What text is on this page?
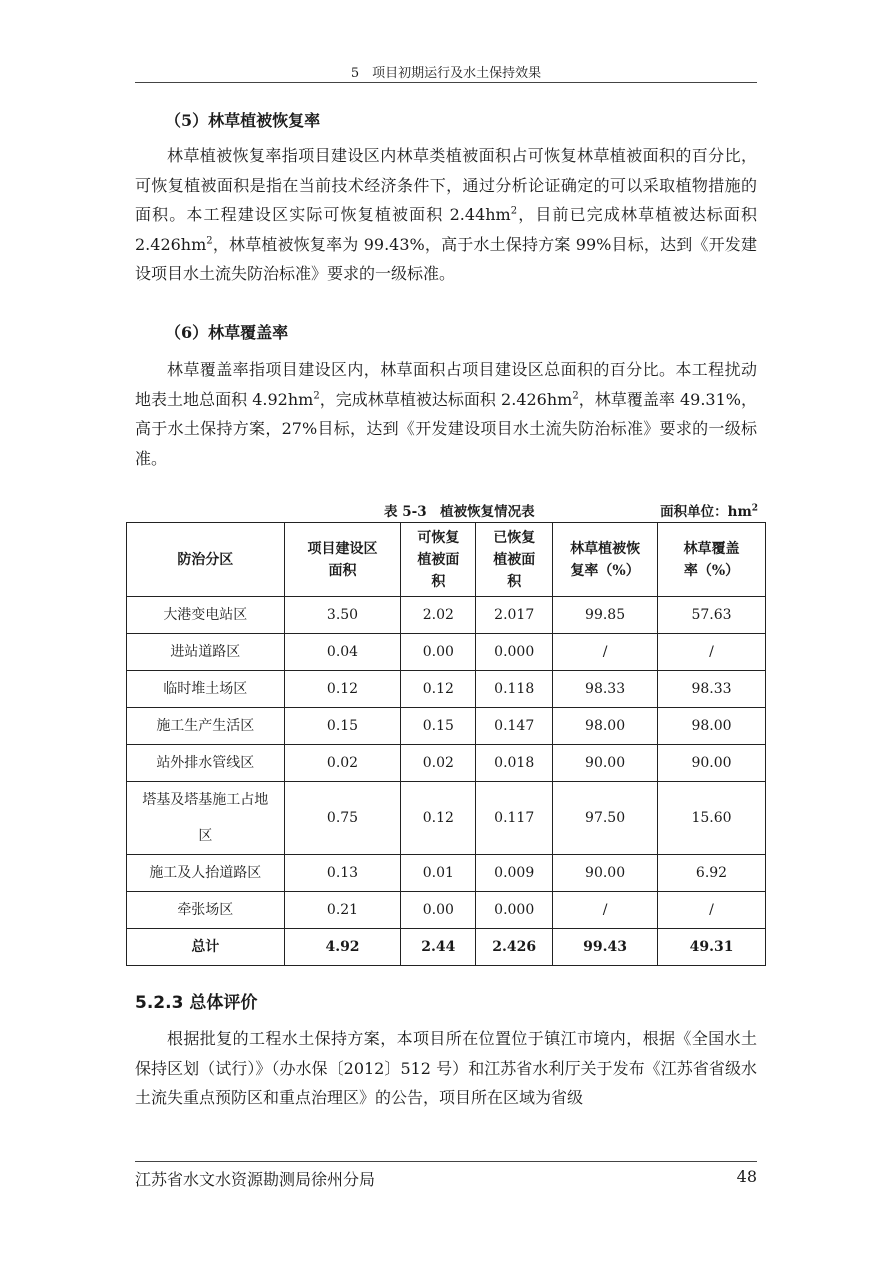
5　项目初期运行及水土保持效果
（5）林草植被恢复率

林草植被恢复率指项目建设区内林草类植被面积占可恢复林草植被面积的百分比，可恢复植被面积是指在当前技术经济条件下，通过分析论证确定的可以采取植物措施的面积。本工程建设区实际可恢复植被面积 $2.44hm^2$，目前已完成林草植被达标面积 $2.426hm^2$，林草植被恢复率为 99.43%，高于水土保持方案 99%目标，达到《开发建设项目水土流失防治标准》要求的一级标准。

（6）林草覆盖率

林草覆盖率指项目建设区内，林草面积占项目建设区总面积的百分比。本工程扰动地表土地总面积 $4.92hm^2$，完成林草植被达标面积 $2.426hm^2$，林草覆盖率 49.31%，高于水土保持方案，27%目标，达到《开发建设项目水土流失防治标准》要求的一级标准。

表 5-3　植被恢复情况表	面积单位：$hm^2$
防治分区	项目建设区面积	可恢复植被面积	已恢复植被面积	林草植被恢复率（%）	林草覆盖率（%）
大港变电站区	3.50	2.02	2.017	99.85	57.63
进站道路区	0.04	0.00	0.000	/	/
临时堆土场区	0.12	0.12	0.118	98.33	98.33
施工生产生活区	0.15	0.15	0.147	98.00	98.00
站外排水管线区	0.02	0.02	0.018	90.00	90.00
塔基及塔基施工占地区	0.75	0.12	0.117	97.50	15.60
施工及人抬道路区	0.13	0.01	0.009	90.00	6.92
牵张场区	0.21	0.00	0.000	/	/
总计	4.92	2.44	2.426	99.43	49.31
5.2.3 总体评价

根据批复的工程水土保持方案，本项目所在位置位于镇江市境内，根据《全国水土保持区划（试行）》（办水保〔2012〕512 号）和江苏省水利厅关于发布《江苏省省级水土流失重点预防区和重点治理区》的公告，项目所在区域为省级

江苏省水文水资源勘测局徐州分局	48
